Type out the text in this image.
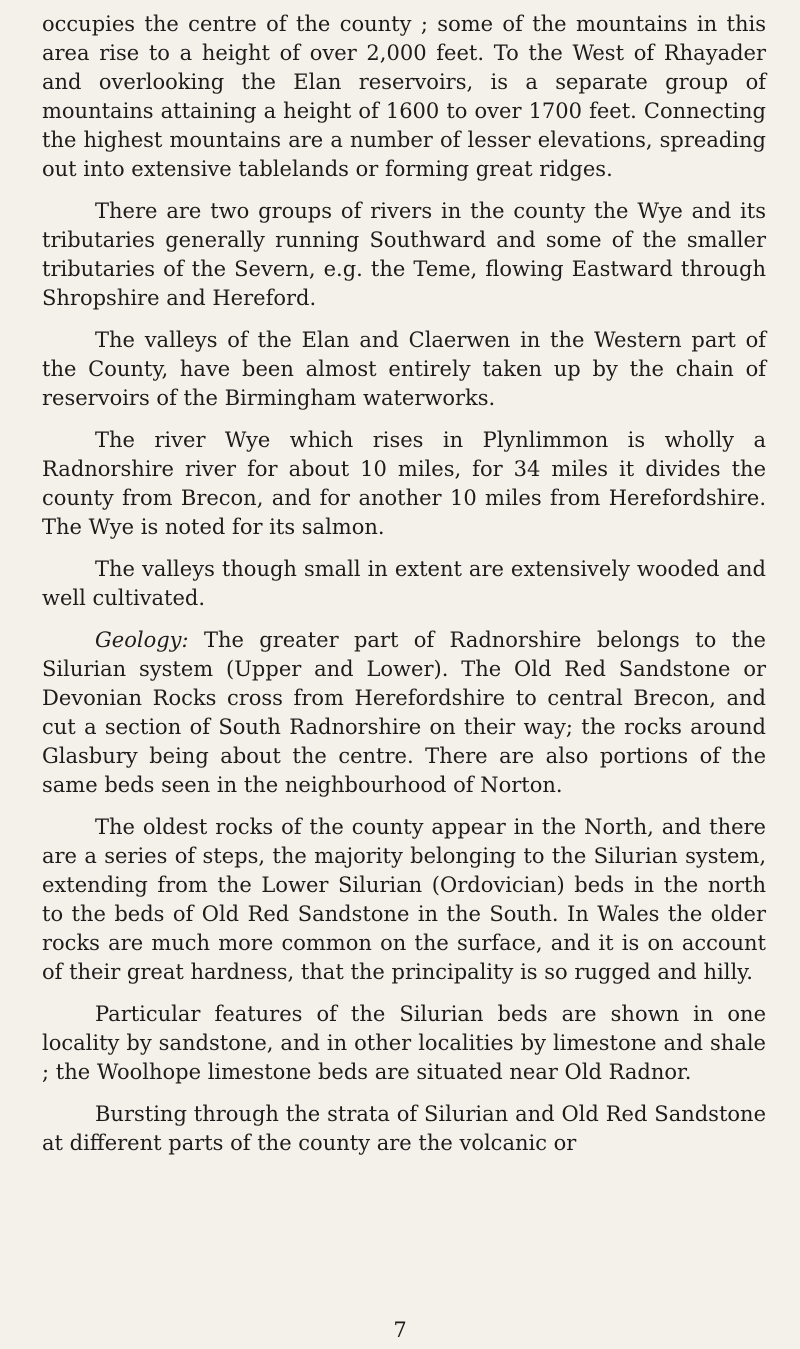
occupies the centre of the county ; some of the mountains in this area rise to a height of over 2,000 feet. To the West of Rhayader and overlooking the Elan reservoirs, is a separate group of mountains attaining a height of 1600 to over 1700 feet. Connecting the highest mountains are a number of lesser elevations, spreading out into extensive tablelands or forming great ridges.

There are two groups of rivers in the county the Wye and its tributaries generally running Southward and some of the smaller tributaries of the Severn, e.g. the Teme, flowing Eastward through Shropshire and Hereford.

The valleys of the Elan and Claerwen in the Western part of the County, have been almost entirely taken up by the chain of reservoirs of the Birmingham waterworks.

The river Wye which rises in Plynlimmon is wholly a Radnorshire river for about 10 miles, for 34 miles it divides the county from Brecon, and for another 10 miles from Herefordshire. The Wye is noted for its salmon.

The valleys though small in extent are extensively wooded and well cultivated.

Geology: The greater part of Radnorshire belongs to the Silurian system (Upper and Lower). The Old Red Sandstone or Devonian Rocks cross from Herefordshire to central Brecon, and cut a section of South Radnorshire on their way; the rocks around Glasbury being about the centre. There are also portions of the same beds seen in the neighbourhood of Norton.

The oldest rocks of the county appear in the North, and there are a series of steps, the majority belonging to the Silurian system, extending from the Lower Silurian (Ordovician) beds in the north to the beds of Old Red Sandstone in the South. In Wales the older rocks are much more common on the surface, and it is on account of their great hardness, that the principality is so rugged and hilly.

Particular features of the Silurian beds are shown in one locality by sandstone, and in other localities by limestone and shale ; the Woolhope limestone beds are situated near Old Radnor.

Bursting through the strata of Silurian and Old Red Sandstone at different parts of the county are the volcanic or

7
